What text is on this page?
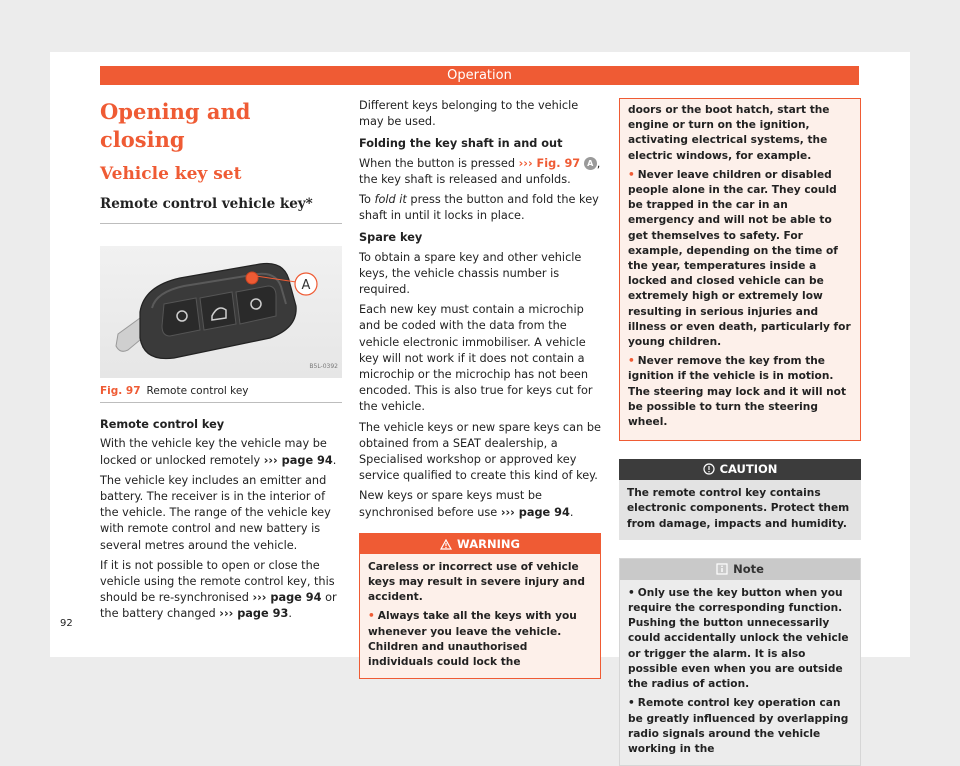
Operation
Opening and closing
Vehicle key set
Remote control vehicle key*
A
B5L-0392
Fig. 97 Remote control key
Remote control key

With the vehicle key the vehicle may be locked or unlocked remotely ››› page 94.

The vehicle key includes an emitter and battery. The receiver is in the interior of the vehicle. The range of the vehicle key with remote control and new battery is several metres around the vehicle.

If it is not possible to open or close the vehicle using the remote control key, this should be re-synchronised ››› page 94 or the battery changed ››› page 93.

Different keys belonging to the vehicle may be used.

Folding the key shaft in and out

When the button is pressed ››› Fig. 97 A , the key shaft is released and unfolds.

To fold it press the button and fold the key shaft in until it locks in place.

Spare key

To obtain a spare key and other vehicle keys, the vehicle chassis number is required.

Each new key must contain a microchip and be coded with the data from the vehicle electronic immobiliser. A vehicle key will not work if it does not contain a microchip or the microchip has not been encoded. This is also true for keys cut for the vehicle.

The vehicle keys or new spare keys can be obtained from a SEAT dealership, a Specialised workshop or approved key service qualified to create this kind of key.

New keys or spare keys must be synchronised before use ››› page 94.

WARNING

Careless or incorrect use of vehicle keys may result in severe injury and accident.

• Always take all the keys with you whenever you leave the vehicle. Children and unauthorised individuals could lock the

doors or the boot hatch, start the engine or turn on the ignition, activating electrical systems, the electric windows, for example.

• Never leave children or disabled people alone in the car. They could be trapped in the car in an emergency and will not be able to get themselves to safety. For example, depending on the time of the year, temperatures inside a locked and closed vehicle can be extremely high or extremely low resulting in serious injuries and illness or even death, particularly for young children.

• Never remove the key from the ignition if the vehicle is in motion. The steering may lock and it will not be possible to turn the steering wheel.

CAUTION
The remote control key contains electronic components. Protect them from damage, impacts and humidity.
Note

• Only use the key button when you require the corresponding function. Pushing the button unnecessarily could accidentally unlock the vehicle or trigger the alarm. It is also possible even when you are outside the radius of action.

• Remote control key operation can be greatly influenced by overlapping radio signals around the vehicle working in the

92
